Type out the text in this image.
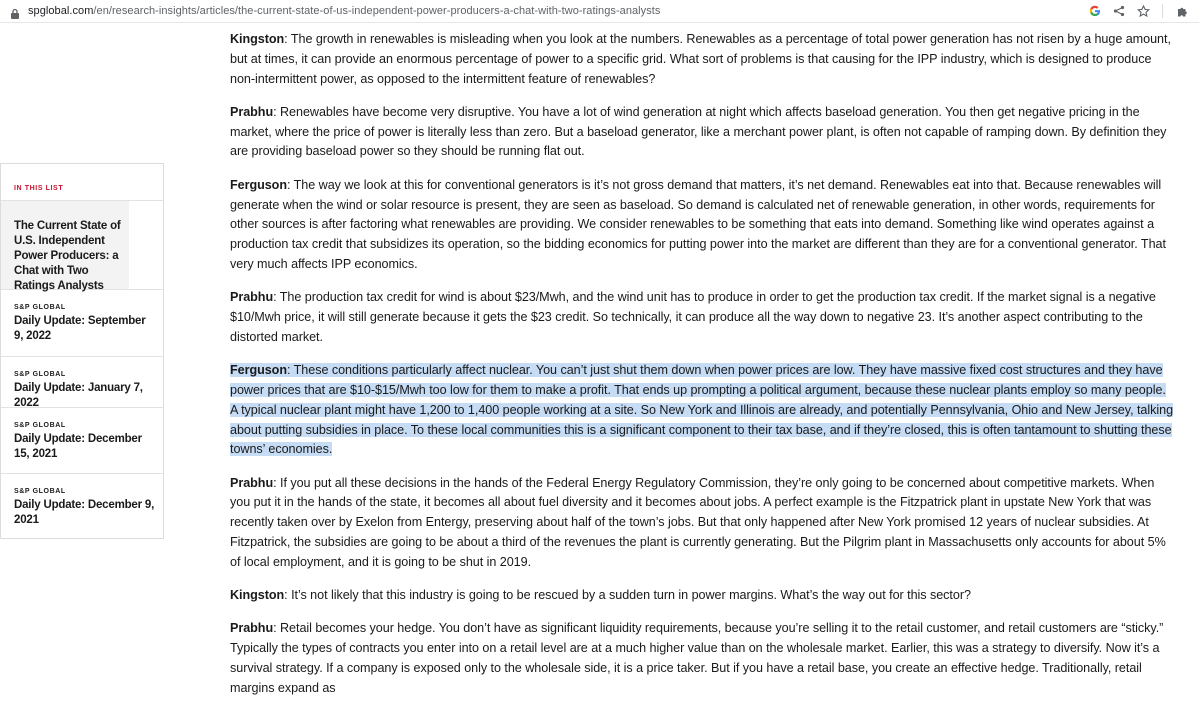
spglobal.com/en/research-insights/articles/the-current-state-of-us-independent-power-producers-a-chat-with-two-ratings-analysts
IN THIS LIST
The Current State of U.S. Independent Power Producers: a Chat with Two Ratings Analysts
S&P GLOBAL
Daily Update: September 9, 2022
S&P GLOBAL
Daily Update: January 7, 2022
S&P GLOBAL
Daily Update: December 15, 2021
S&P GLOBAL
Daily Update: December 9, 2021

Kingston: The growth in renewables is misleading when you look at the numbers. Renewables as a percentage of total power generation has not risen by a huge amount, but at times, it can provide an enormous percentage of power to a specific grid. What sort of problems is that causing for the IPP industry, which is designed to produce non-intermittent power, as opposed to the intermittent feature of renewables?

Prabhu: Renewables have become very disruptive. You have a lot of wind generation at night which affects baseload generation. You then get negative pricing in the market, where the price of power is literally less than zero. But a baseload generator, like a merchant power plant, is often not capable of ramping down. By definition they are providing baseload power so they should be running flat out.

Ferguson: The way we look at this for conventional generators is it’s not gross demand that matters, it’s net demand. Renewables eat into that. Because renewables will generate when the wind or solar resource is present, they are seen as baseload. So demand is calculated net of renewable generation, in other words, requirements for other sources is after factoring what renewables are providing. We consider renewables to be something that eats into demand. Something like wind operates against a production tax credit that subsidizes its operation, so the bidding economics for putting power into the market are different than they are for a conventional generator. That very much affects IPP economics.

Prabhu: The production tax credit for wind is about $23/Mwh, and the wind unit has to produce in order to get the production tax credit. If the market signal is a negative $10/Mwh price, it will still generate because it gets the $23 credit. So technically, it can produce all the way down to negative 23. It’s another aspect contributing to the distorted market.

Ferguson: These conditions particularly affect nuclear. You can’t just shut them down when power prices are low. They have massive fixed cost structures and they have power prices that are $10-$15/Mwh too low for them to make a profit. That ends up prompting a political argument, because these nuclear plants employ so many people. A typical nuclear plant might have 1,200 to 1,400 people working at a site. So New York and Illinois are already, and potentially Pennsylvania, Ohio and New Jersey, talking about putting subsidies in place. To these local communities this is a significant component to their tax base, and if they’re closed, this is often tantamount to shutting these towns’ economies.

Prabhu: If you put all these decisions in the hands of the Federal Energy Regulatory Commission, they’re only going to be concerned about competitive markets. When you put it in the hands of the state, it becomes all about fuel diversity and it becomes about jobs. A perfect example is the Fitzpatrick plant in upstate New York that was recently taken over by Exelon from Entergy, preserving about half of the town’s jobs. But that only happened after New York promised 12 years of nuclear subsidies. At Fitzpatrick, the subsidies are going to be about a third of the revenues the plant is currently generating. But the Pilgrim plant in Massachusetts only accounts for about 5% of local employment, and it is going to be shut in 2019.

Kingston: It’s not likely that this industry is going to be rescued by a sudden turn in power margins. What’s the way out for this sector?

Prabhu: Retail becomes your hedge. You don’t have as significant liquidity requirements, because you’re selling it to the retail customer, and retail customers are “sticky.” Typically the types of contracts you enter into on a retail level are at a much higher value than on the wholesale market. Earlier, this was a strategy to diversify. Now it’s a survival strategy. If a company is exposed only to the wholesale side, it is a price taker. But if you have a retail base, you create an effective hedge. Traditionally, retail margins expand as
